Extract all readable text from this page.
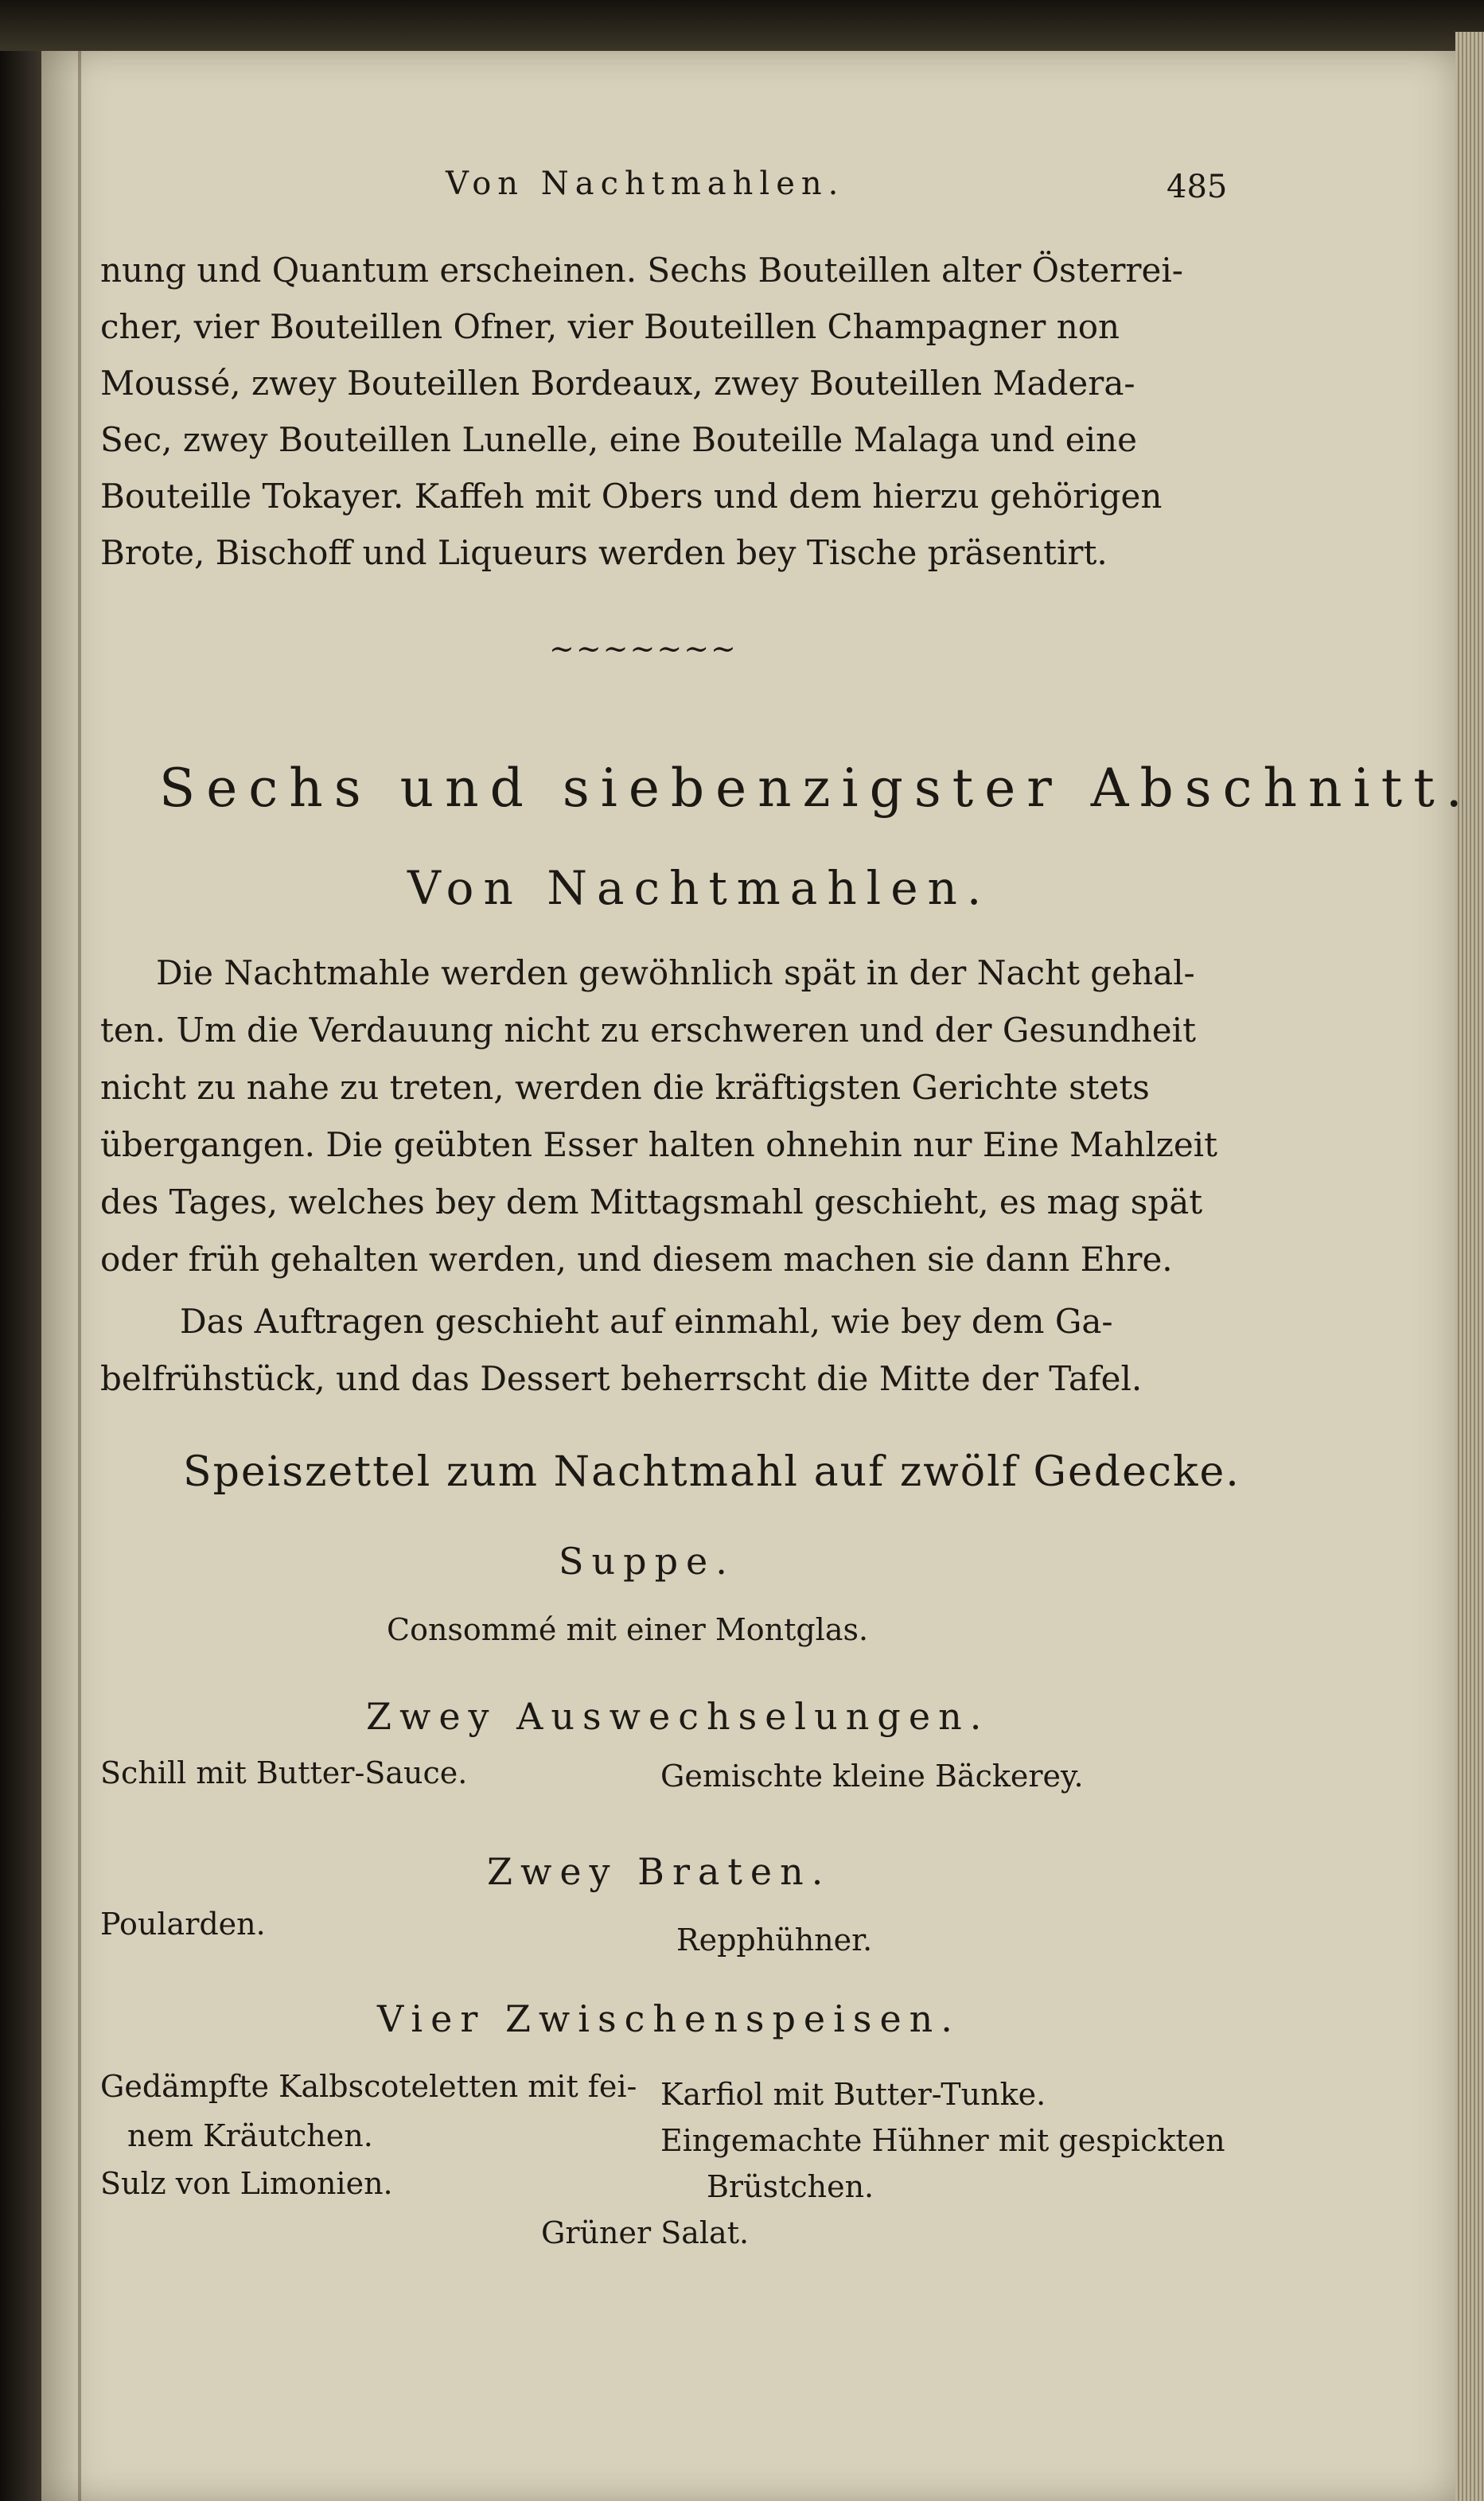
Von Nachtmahlen.	485
nung und Quantum erscheinen. Sechs Bouteillen alter Österrei-
cher, vier Bouteillen Ofner, vier Bouteillen Champagner non
Moussé, zwey Bouteillen Bordeaux, zwey Bouteillen Madera-
Sec, zwey Bouteillen Lunelle, eine Bouteille Malaga und eine
Bouteille Tokayer. Kaffeh mit Obers und dem hierzu gehörigen
Brote, Bischoff und Liqueurs werden bey Tische präsentirt.
~~~~~~~
Sechs und siebenzigster Abschnitt.
Von Nachtmahlen.
Die Nachtmahle werden gewöhnlich spät in der Nacht gehal-
ten. Um die Verdauung nicht zu erschweren und der Gesundheit
nicht zu nahe zu treten, werden die kräftigsten Gerichte stets
übergangen. Die geübten Esser halten ohnehin nur Eine Mahlzeit
des Tages, welches bey dem Mittagsmahl geschieht, es mag spät
oder früh gehalten werden, und diesem machen sie dann Ehre.
Das Auftragen geschieht auf einmahl, wie bey dem Ga-
belfrühstück, und das Dessert beherrscht die Mitte der Tafel.
Speiszettel zum Nachtmahl auf zwölf Gedecke.
Suppe.
Consommé mit einer Montglas.
Zwey Auswechselungen.
Schill mit Butter-Sauce.	Gemischte kleine Bäckerey.
Zwey Braten.
Poularden.	Repphühner.
Vier Zwischenspeisen.
Gedämpfte Kalbscoteletten mit fei-
nem Kräutchen.
Sulz von Limonien.
Karfiol mit Butter-Tunke.
Eingemachte Hühner mit gespickten
Brüstchen.
Grüner Salat.
